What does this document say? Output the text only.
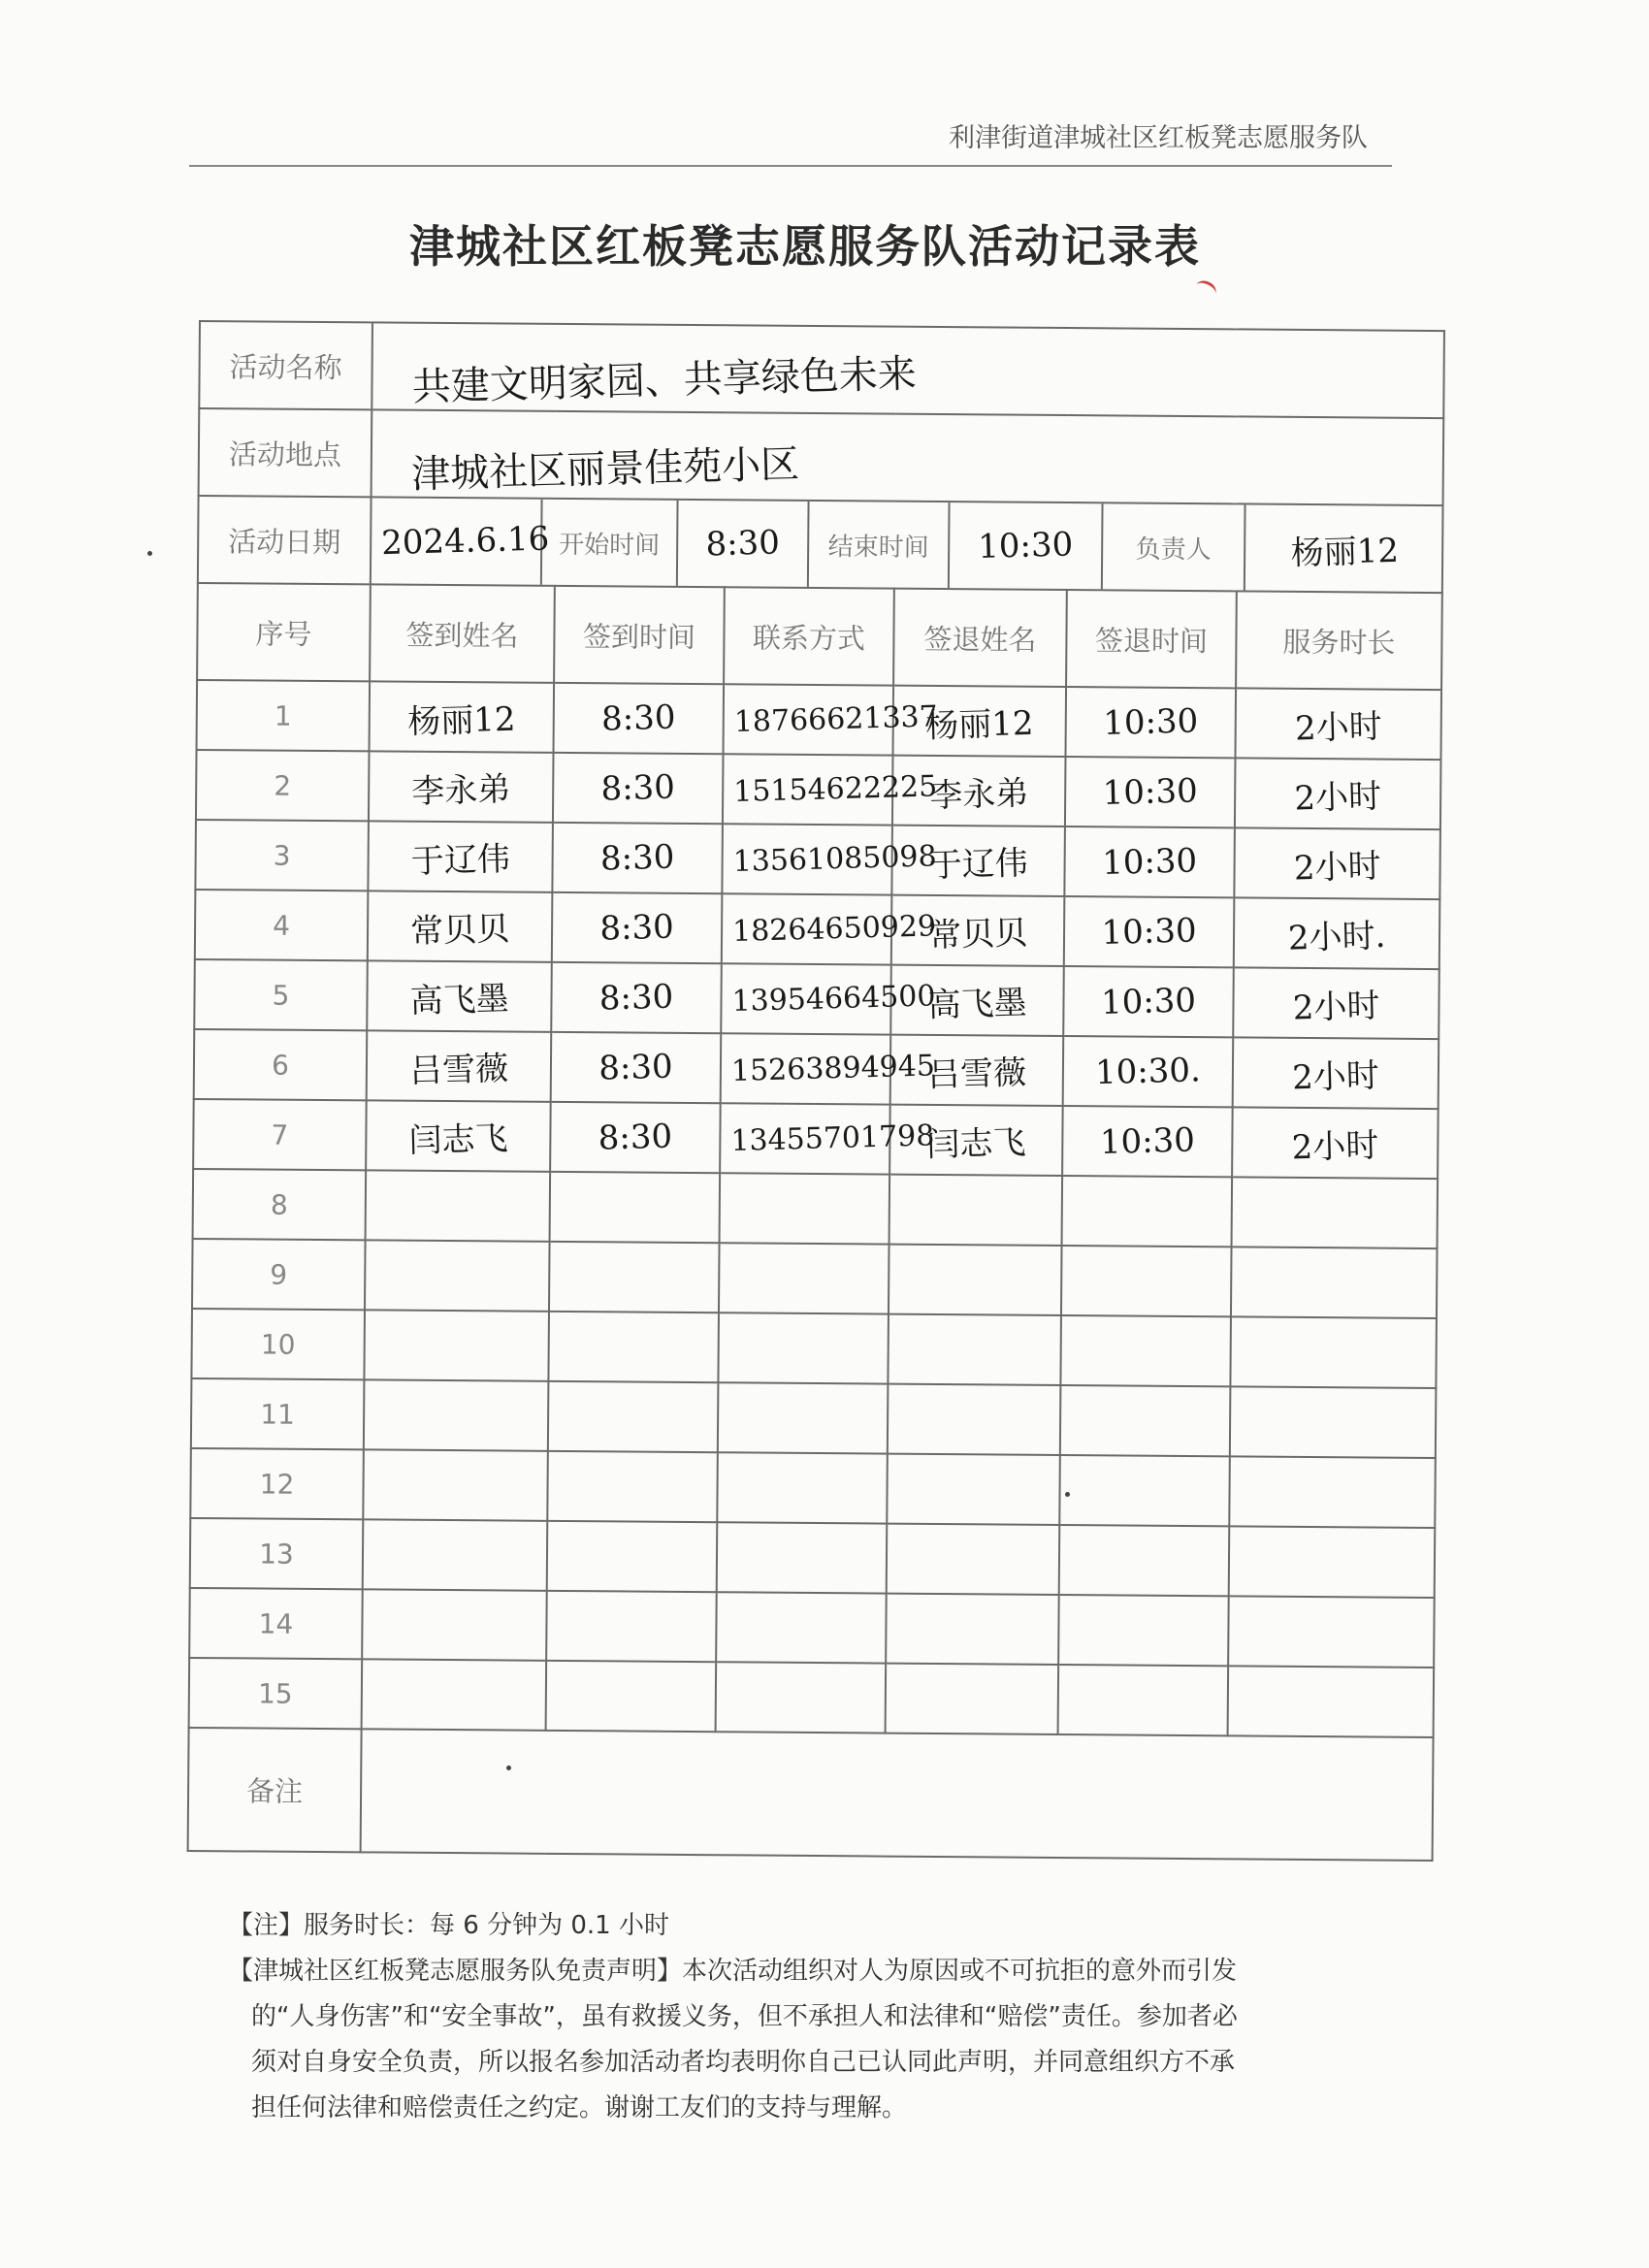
利津街道津城社区红板凳志愿服务队
津城社区红板凳志愿服务队活动记录表
活动名称	共建文明家园、共享绿色未来
活动地点	津城社区丽景佳苑小区
活动日期	2024.6.16	开始时间	8:30	结束时间	10:30	负责人	杨丽12

序号	签到姓名	签到时间	联系方式	签退姓名	签退时间	服务时长
1	杨丽12	8:30	18766621337	杨丽12	10:30	2小时
2	李永弟	8:30	15154622225	李永弟	10:30	2小时
3	于辽伟	8:30	13561085098	于辽伟	10:30	2小时
4	常贝贝	8:30	18264650929	常贝贝	10:30	2小时.
5	高飞墨	8:30	13954664500	高飞墨	10:30	2小时
6	吕雪薇	8:30	15263894945	吕雪薇	10:30.	2小时
7	闫志飞	8:30	13455701798	闫志飞	10:30	2小时
8						
9						
10						
11						
12						
13						
14						
15						
备注	
【注】服务时长：每 6 分钟为 0.1 小时
【津城社区红板凳志愿服务队免责声明】本次活动组织对人为原因或不可抗拒的意外而引发
的“人身伤害”和“安全事故”，虽有救援义务，但不承担人和法律和“赔偿”责任。参加者必
须对自身安全负责，所以报名参加活动者均表明你自己已认同此声明，并同意组织方不承
担任何法律和赔偿责任之约定。谢谢工友们的支持与理解。
